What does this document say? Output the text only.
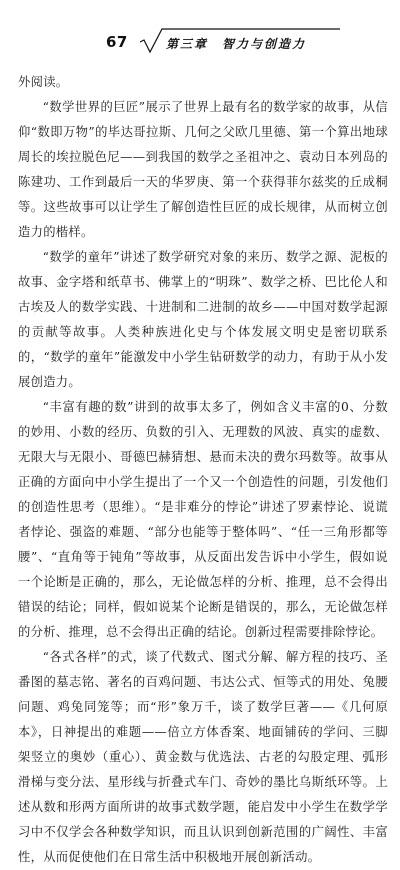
67	第三章　智力与创造力

外阅读。

“数学世界的巨匠”展示了世界上最有名的数学家的故事，从信仰“数即万物”的毕达哥拉斯、几何之父欧几里德、第一个算出地球周长的埃拉脱色尼——到我国的数学之圣祖冲之、袁动日本列岛的陈建功、工作到最后一天的华罗庚、第一个获得菲尔兹奖的丘成桐等。这些故事可以让学生了解创造性巨匠的成长规律，从而树立创造力的楷样。

“数学的童年”讲述了数学研究对象的来历、数学之源、泥板的故事、金字塔和纸草书、佛掌上的“明珠”、数学之桥、巴比伦人和古埃及人的数学实践、十进制和二进制的故乡——中国对数学起源的贡献等故事。人类种族进化史与个体发展文明史是密切联系的，“数学的童年”能激发中小学生钻研数学的动力，有助于从小发展创造力。

“丰富有趣的数”讲到的故事太多了，例如含义丰富的0、分数的妙用、小数的经历、负数的引入、无理数的风波、真实的虚数、无限大与无限小、哥德巴赫猜想、悬而未决的费尔玛数等。故事从正确的方面向中小学生提出了一个又一个创造性的问题，引发他们的创造性思考（思维）。“是非难分的悖论”讲述了罗素悖论、说谎者悖论、强盗的难题、“部分也能等于整体吗”、“任一三角形都等腰”、“直角等于钝角”等故事，从反面出发告诉中小学生，假如说一个论断是正确的，那么，无论做怎样的分析、推理，总不会得出错误的结论；同样，假如说某个论断是错误的，那么，无论做怎样的分析、推理，总不会得出正确的结论。创新过程需要排除悖论。

“各式各样”的式，谈了代数式、图式分解、解方程的技巧、圣番图的墓志铭、著名的百鸡问题、韦达公式、恒等式的用处、兔腰问题、鸡兔同笼等；而“形”象万千，谈了数学巨著——《几何原本》，日神提出的难题——倍立方体香案、地面铺砖的学问、三脚架竖立的奥妙（重心）、黄金数与优选法、古老的勾股定理、弧形滑梯与变分法、星形线与折叠式车门、奇妙的墨比乌斯纸环等。上述从数和形两方面所讲的故事式数学题，能启发中小学生在数学学习中不仅学会各种数学知识，而且认识到创新范围的广阔性、丰富性，从而促使他们在日常生活中积极地开展创新活动。
